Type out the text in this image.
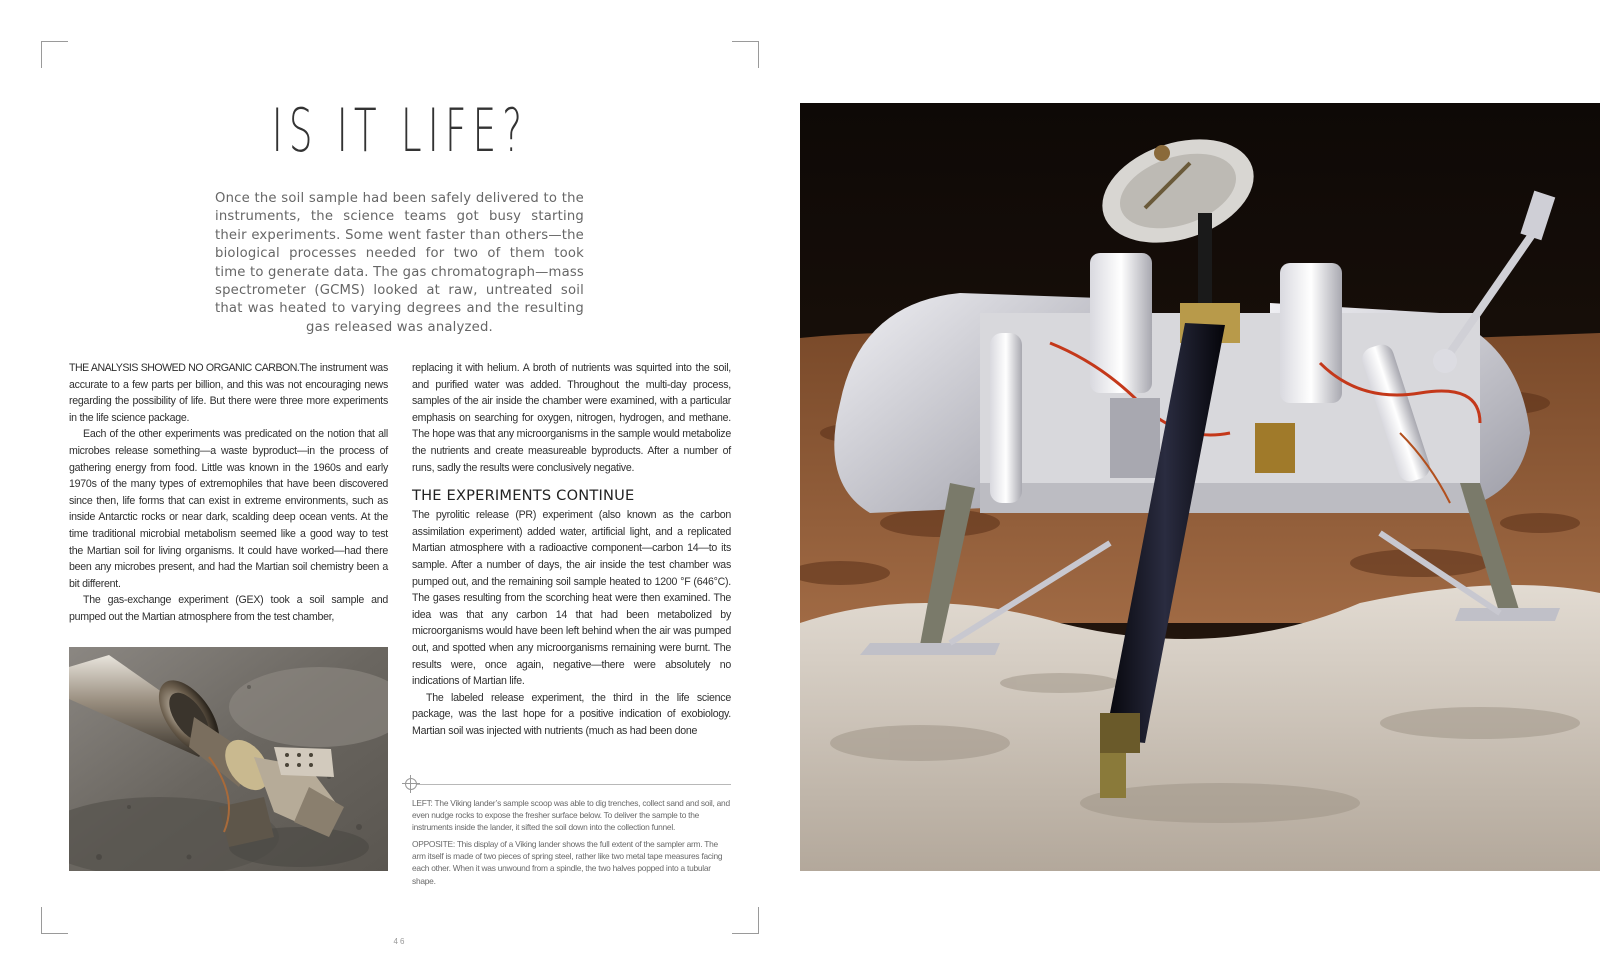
IS IT LIFE?
Once the soil sample had been safely delivered to the instruments, the science teams got busy starting their experiments. Some went faster than others—the biological processes needed for two of them took time to generate data. The gas chromatograph—mass spectrometer (GCMS) looked at raw, untreated soil that was heated to varying degrees and the resulting gas released was analyzed.

THE ANALYSIS SHOWED NO ORGANIC CARBON.The instrument was accurate to a few parts per billion, and this was not encouraging news regarding the possibility of life. But there were three more experiments in the life science package.

Each of the other experiments was predicated on the notion that all microbes release something—a waste byproduct—in the process of gathering energy from food. Little was known in the 1960s and early 1970s of the many types of extremophiles that have been discovered since then, life forms that can exist in extreme environments, such as inside Antarctic rocks or near dark, scalding deep ocean vents. At the time traditional microbial metabolism seemed like a good way to test the Martian soil for living organisms. It could have worked—had there been any microbes present, and had the Martian soil chemistry been a bit different.

The gas-exchange experiment (GEX) took a soil sample and pumped out the Martian atmosphere from the test chamber,

replacing it with helium. A broth of nutrients was squirted into the soil, and purified water was added. Throughout the multi-day process, samples of the air inside the chamber were examined, with a particular emphasis on searching for oxygen, nitrogen, hydrogen, and methane. The hope was that any microorganisms in the sample would metabolize the nutrients and create measureable byproducts. After a number of runs, sadly the results were conclusively negative.

THE EXPERIMENTS CONTINUE

The pyrolitic release (PR) experiment (also known as the carbon assimilation experiment) added water, artificial light, and a replicated Martian atmosphere with a radioactive component—carbon 14—to its sample. After a number of days, the air inside the test chamber was pumped out, and the remaining soil sample heated to 1200 °F (646°C). The gases resulting from the scorching heat were then examined. The idea was that any carbon 14 that had been metabolized by microorganisms would have been left behind when the air was pumped out, and spotted when any microorganisms remaining were burnt. The results were, once again, negative—there were absolutely no indications of Martian life.

The labeled release experiment, the third in the life science package, was the last hope for a positive indication of exobiology. Martian soil was injected with nutrients (much as had been done

LEFT: The Viking lander’s sample scoop was able to dig trenches, collect sand and soil, and even nudge rocks to expose the fresher surface below. To deliver the sample to the instruments inside the lander, it sifted the soil down into the collection funnel.
OPPOSITE: This display of a Viking lander shows the full extent of the sampler arm. The arm itself is made of two pieces of spring steel, rather like two metal tape measures facing each other. When it was unwound from a spindle, the two halves popped into a tubular shape.
46
